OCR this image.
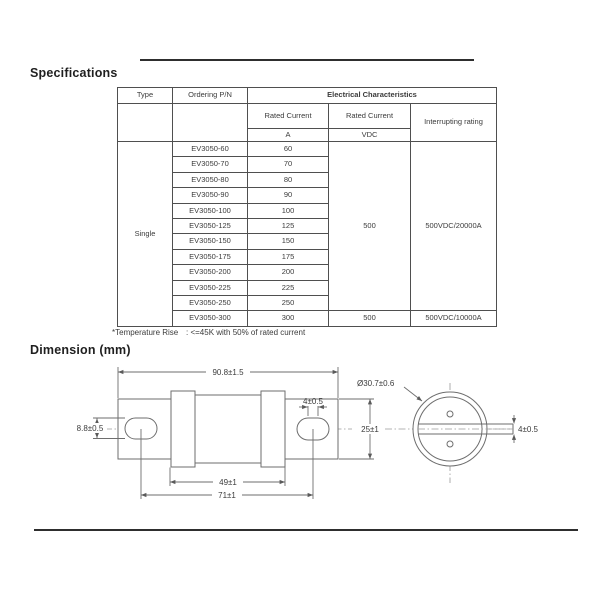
Specifications
Type	Ordering P/N	Electrical Characteristics		
		Rated Current	Rated Current	Interrupting rating
		A	VDC	
Single	EV3050-60	60	500	500VDC/20000A
	EV3050-70	70		
	EV3050-80	80		
	EV3050-90	90		
	EV3050-100	100		
	EV3050-125	125		
	EV3050-150	150		
	EV3050-175	175		
	EV3050-200	200		
	EV3050-225	225		
	EV3050-250	250		
	EV3050-300	300	500	500VDC/10000A
*Temperature Rise : <=45K with 50% of rated current
Dimension (mm)
90.8±1.5
25±1
8.8±0.5
4±0.5
49±1
71±1
Ø30.7±0.6
4±0.5
